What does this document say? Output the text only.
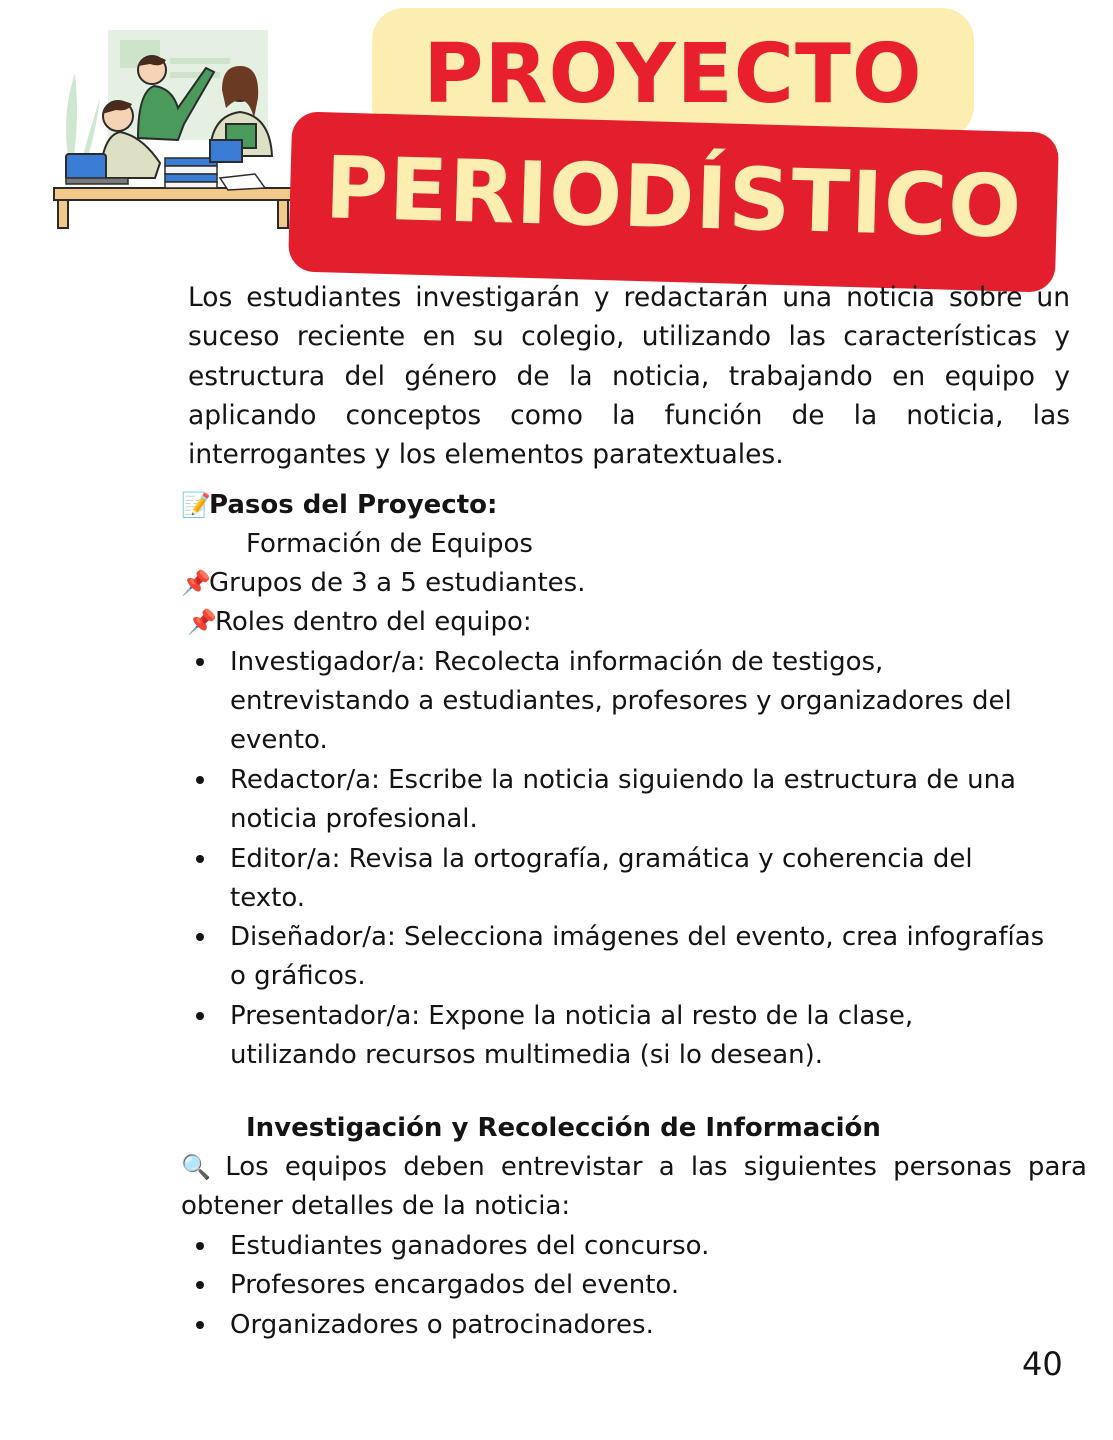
PROYECTO
PERIODÍSTICO
Los estudiantes investigarán y redactarán una noticia sobre un suceso reciente en su colegio, utilizando las características y estructura del género de la noticia, trabajando en equipo y aplicando conceptos como la función de la noticia, las interrogantes y los elementos paratextuales.
📝Pasos del Proyecto:
Formación de Equipos
📌Grupos de 3 a 5 estudiantes.
📌Roles dentro del equipo:
Investigador/a: Recolecta información de testigos,
entrevistando a estudiantes, profesores y organizadores del
evento.
Redactor/a: Escribe la noticia siguiendo la estructura de una
noticia profesional.
Editor/a: Revisa la ortografía, gramática y coherencia del
texto.
Diseñador/a: Selecciona imágenes del evento, crea infografías
o gráficos.
Presentador/a: Expone la noticia al resto de la clase,
utilizando recursos multimedia (si lo desean).
Investigación y Recolección de Información
🔍 Los equipos deben entrevistar a las siguientes personas para
obtener detalles de la noticia:
Estudiantes ganadores del concurso.
Profesores encargados del evento.
Organizadores o patrocinadores.
40
